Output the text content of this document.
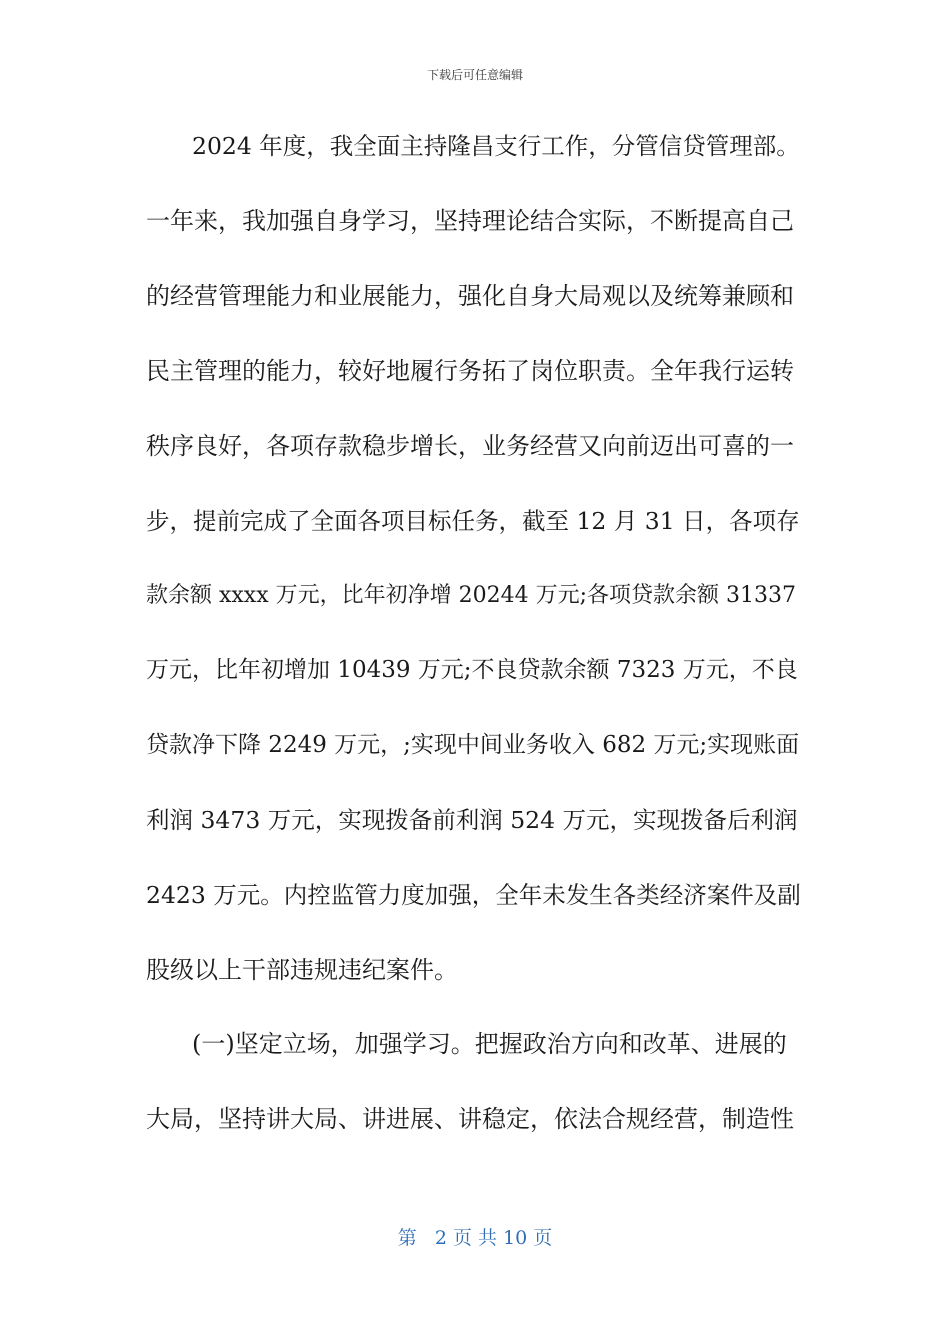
下载后可任意编辑
2024 年度，我全面主持隆昌支行工作，分管信贷管理部。
一年来，我加强自身学习，坚持理论结合实际，不断提高自己
的经营管理能力和业展能力，强化自身大局观以及统筹兼顾和
民主管理的能力，较好地履行务拓了岗位职责。全年我行运转
秩序良好，各项存款稳步增长，业务经营又向前迈出可喜的一
步，提前完成了全面各项目标任务，截至 12 月 31 日，各项存
款余额 xxxx 万元，比年初净增 20244 万元;各项贷款余额 31337
万元，比年初增加 10439 万元;不良贷款余额 7323 万元，不良
贷款净下降 2249 万元，;实现中间业务收入 682 万元;实现账面
利润 3473 万元，实现拨备前利润 524 万元，实现拨备后利润
2423 万元。内控监管力度加强，全年未发生各类经济案件及副
股级以上干部违规违纪案件。
(一)坚定立场，加强学习。把握政治方向和改革、进展的
大局，坚持讲大局、讲进展、讲稳定，依法合规经营，制造性
第   2 页 共 10 页
